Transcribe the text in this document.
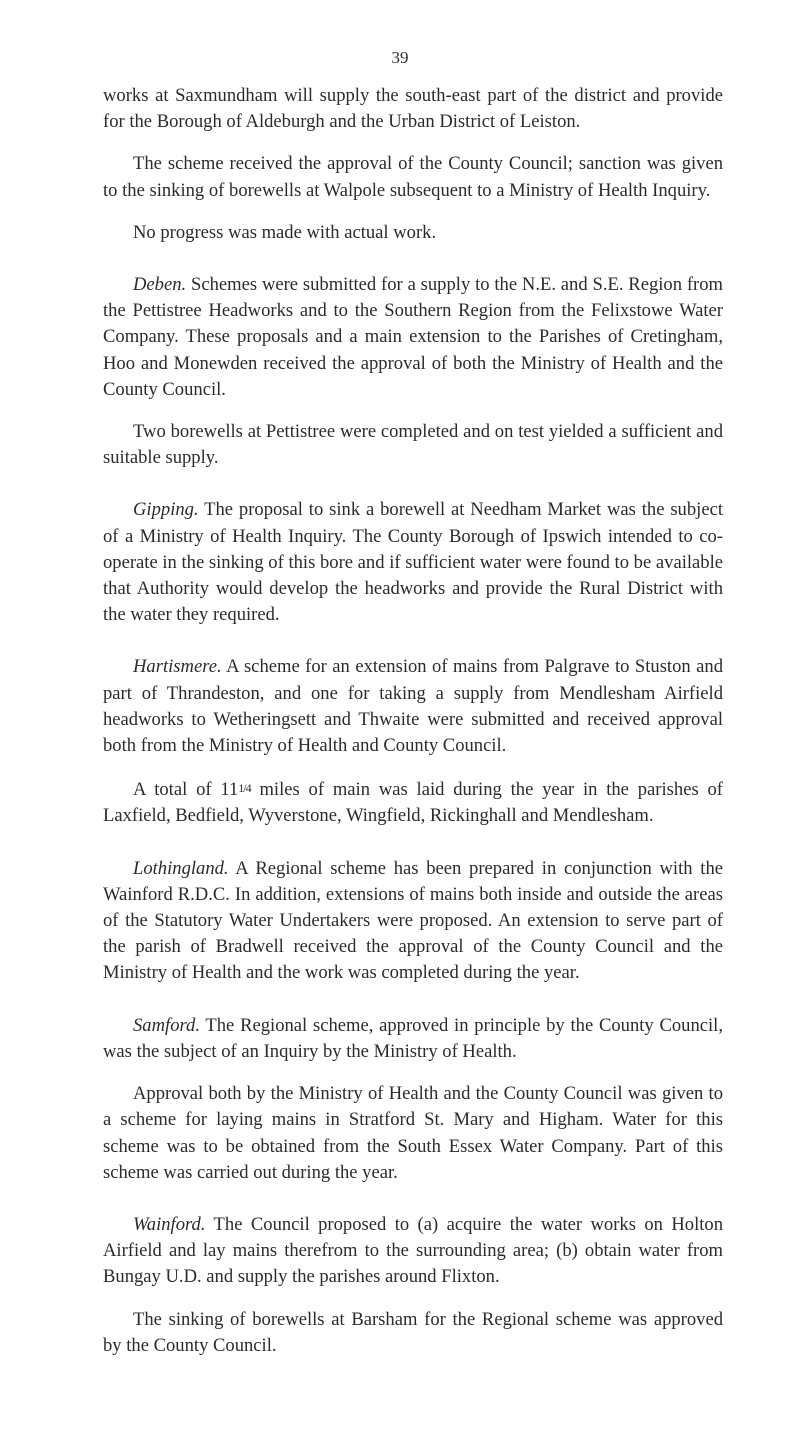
39

works at Saxmundham will supply the south-east part of the district and provide for the Borough of Aldeburgh and the Urban District of Leiston.

The scheme received the approval of the County Council; sanction was given to the sinking of borewells at Walpole subsequent to a Ministry of Health Inquiry.

No progress was made with actual work.

Deben. Schemes were submitted for a supply to the N.E. and S.E. Region from the Pettistree Headworks and to the Southern Region from the Felixstowe Water Company. These proposals and a main extension to the Parishes of Cretingham, Hoo and Monewden received the approval of both the Ministry of Health and the County Council.

Two borewells at Pettistree were completed and on test yielded a sufficient and suitable supply.

Gipping. The proposal to sink a borewell at Needham Market was the subject of a Ministry of Health Inquiry. The County Borough of Ipswich intended to co-operate in the sinking of this bore and if sufficient water were found to be available that Authority would develop the headworks and provide the Rural District with the water they required.

Hartismere. A scheme for an extension of mains from Palgrave to Stuston and part of Thrandeston, and one for taking a supply from Mendlesham Airfield headworks to Wetheringsett and Thwaite were submitted and received approval both from the Ministry of Health and County Council.

A total of 111/4 miles of main was laid during the year in the parishes of Laxfield, Bedfield, Wyverstone, Wingfield, Rickinghall and Mendlesham.

Lothingland. A Regional scheme has been prepared in conjunction with the Wainford R.D.C. In addition, extensions of mains both inside and outside the areas of the Statutory Water Undertakers were proposed. An extension to serve part of the parish of Bradwell received the approval of the County Council and the Ministry of Health and the work was completed during the year.

Samford. The Regional scheme, approved in principle by the County Council, was the subject of an Inquiry by the Ministry of Health.

Approval both by the Ministry of Health and the County Council was given to a scheme for laying mains in Stratford St. Mary and Higham. Water for this scheme was to be obtained from the South Essex Water Company. Part of this scheme was carried out during the year.

Wainford. The Council proposed to (a) acquire the water works on Holton Airfield and lay mains therefrom to the surrounding area; (b) obtain water from Bungay U.D. and supply the parishes around Flixton.

The sinking of borewells at Barsham for the Regional scheme was approved by the County Council.
